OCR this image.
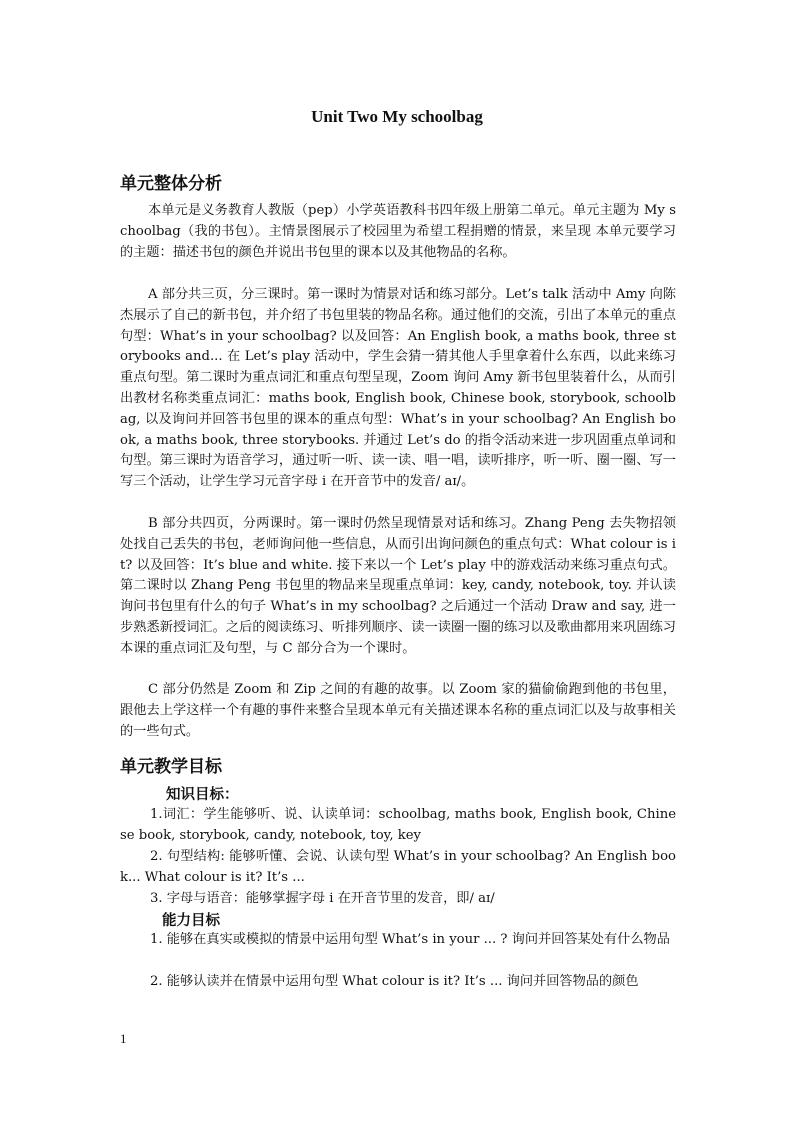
Unit Two My schoolbag
单元整体分析

本单元是义务教育人教版（pep）小学英语教科书四年级上册第二单元。单元主题为 My schoolbag（我的书包）。主情景图展示了校园里为希望工程捐赠的情景，来呈现 本单元要学习的主题：描述书包的颜色并说出书包里的课本以及其他物品的名称。

A 部分共三页，分三课时。第一课时为情景对话和练习部分。Let’s talk 活动中 Amy 向陈杰展示了自己的新书包，并介绍了书包里装的物品名称。通过他们的交流，引出了本单元的重点句型：What’s in your schoolbag? 以及回答：An English book, a maths book, three storybooks and... 在 Let’s play 活动中，学生会猜一猜其他人手里拿着什么东西，以此来练习重点句型。第二课时为重点词汇和重点句型呈现，Zoom 询问 Amy 新书包里装着什么，从而引出教材名称类重点词汇：maths book, English book, Chinese book, storybook, schoolbag, 以及询问并回答书包里的课本的重点句型：What’s in your schoolbag? An English book, a maths book, three storybooks. 并通过 Let’s do 的指令活动来进一步巩固重点单词和句型。第三课时为语音学习，通过听一听、读一读、唱一唱，读听排序，听一听、圈一圈、写一写三个活动，让学生学习元音字母 i 在开音节中的发音/ aɪ/。

B 部分共四页，分两课时。第一课时仍然呈现情景对话和练习。Zhang Peng 去失物招领处找自己丢失的书包，老师询问他一些信息，从而引出询问颜色的重点句式：What colour is it? 以及回答：It’s blue and white. 接下来以一个 Let’s play 中的游戏活动来练习重点句式。第二课时以 Zhang Peng 书包里的物品来呈现重点单词：key, candy, notebook, toy. 并认读询问书包里有什么的句子 What’s in my schoolbag? 之后通过一个活动 Draw and say, 进一步熟悉新授词汇。之后的阅读练习、听排列顺序、读一读圈一圈的练习以及歌曲都用来巩固练习本课的重点词汇及句型，与 C 部分合为一个课时。

C 部分仍然是 Zoom 和 Zip 之间的有趣的故事。以 Zoom 家的猫偷偷跑到他的书包里，跟他去上学这样一个有趣的事件来整合呈现本单元有关描述课本名称的重点词汇以及与故事相关的一些句式。

单元教学目标
知识目标：

1.词汇：学生能够听、说、认读单词：schoolbag, maths book, English book, Chinese book, storybook, candy, notebook, toy, key

2. 句型结构: 能够听懂、会说、认读句型 What’s in your schoolbag? An English book... What colour is it? It’s ...

3. 字母与语音：能够掌握字母 i 在开音节里的发音，即/ aɪ/

能力目标

1. 能够在真实或模拟的情景中运用句型 What’s in your ... ? 询问并回答某处有什么物品

2. 能够认读并在情景中运用句型 What colour is it? It’s ... 询问并回答物品的颜色

1
